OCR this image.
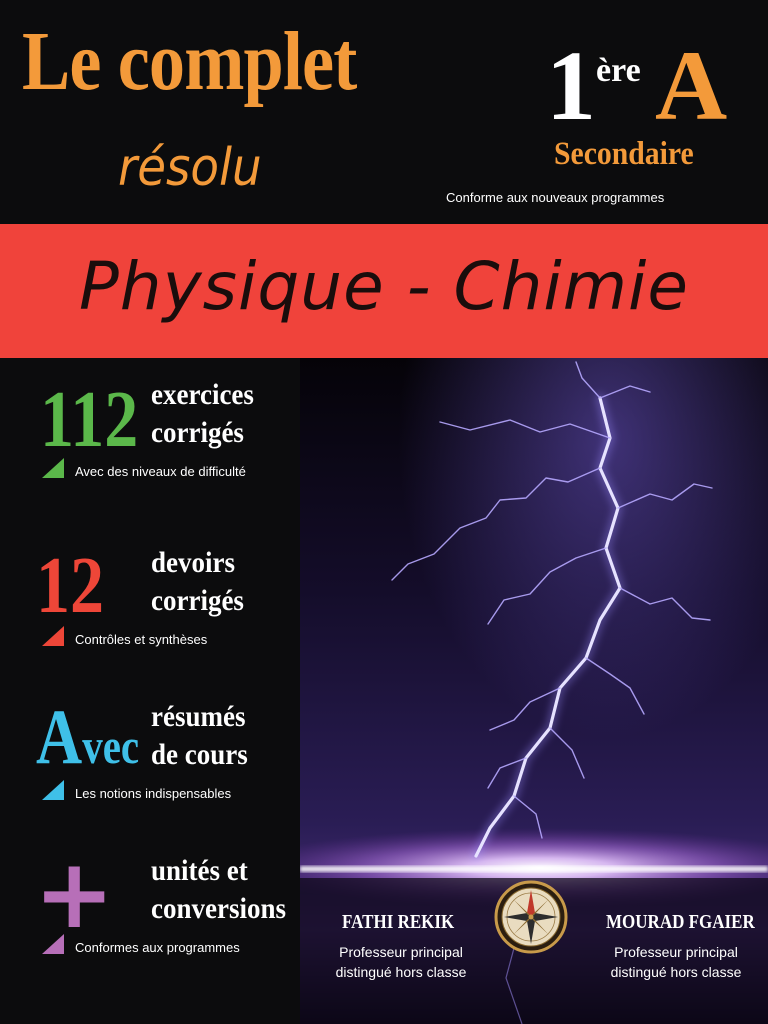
Le complet
résolu
1 ère A
Secondaire
Conforme aux nouveaux programmes
Physique - Chimie
112 exercices
corrigés
Avec des niveaux de difficulté
12 devoirs
corrigés
Contrôles et synthèses
Avec
résumés
de cours
Les notions indispensables
+ unités et
conversions
Conformes aux programmes
FATHI REKIK
Professeur principal
distingué hors classe
MOURAD FGAIER
Professeur principal
distingué hors classe
